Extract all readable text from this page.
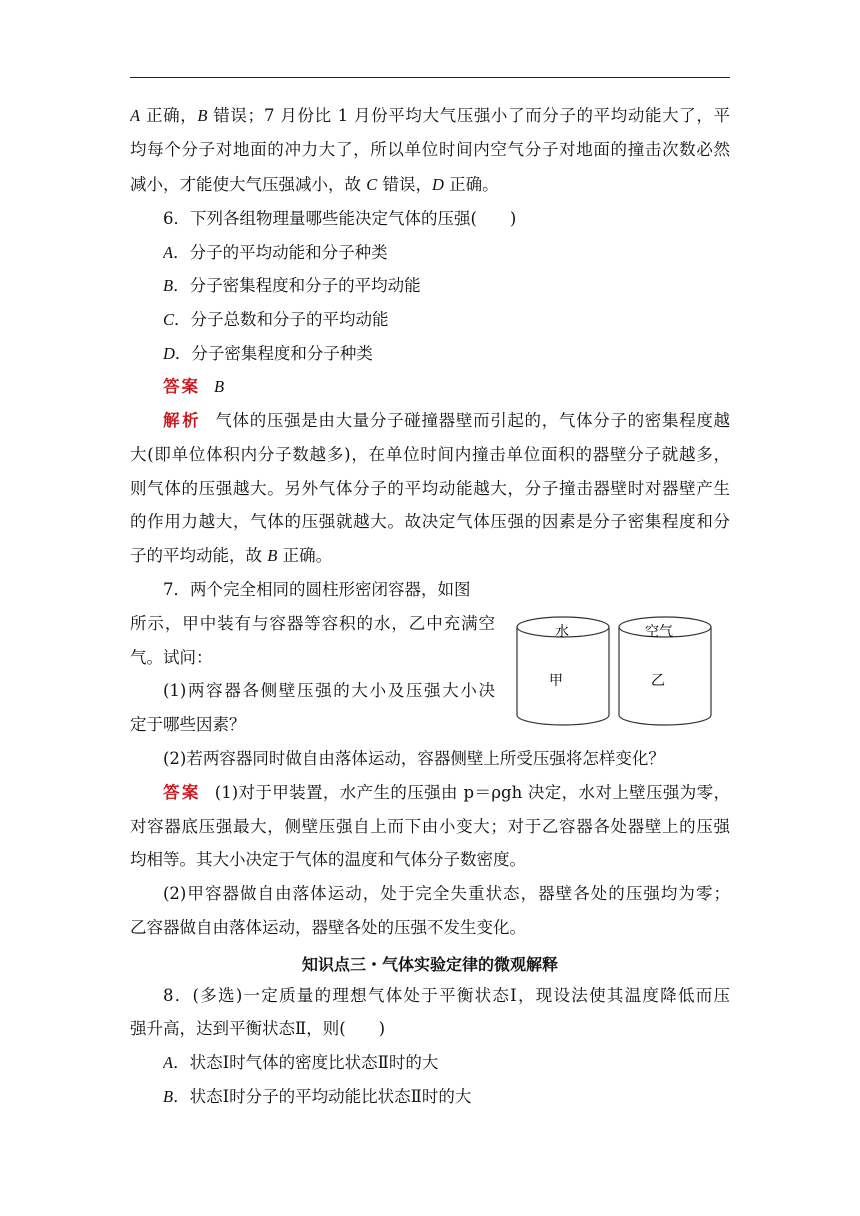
A 正确，B 错误；7 月份比 1 月份平均大气压强小了而分子的平均动能大了，平
均每个分子对地面的冲力大了，所以单位时间内空气分子对地面的撞击次数必然
减小，才能使大气压强减小，故 C 错误，D 正确。
6．下列各组物理量哪些能决定气体的压强(　　)
A．分子的平均动能和分子种类
B．分子密集程度和分子的平均动能
C．分子总数和分子的平均动能
D．分子密集程度和分子种类
答案 B
解析 气体的压强是由大量分子碰撞器壁而引起的，气体分子的密集程度越
大(即单位体积内分子数越多)，在单位时间内撞击单位面积的器壁分子就越多，
则气体的压强越大。另外气体分子的平均动能越大，分子撞击器壁时对器壁产生
的作用力越大，气体的压强就越大。故决定气体压强的因素是分子密集程度和分
子的平均动能，故 B 正确。
7．两个完全相同的圆柱形密闭容器，如图
所示，甲中装有与容器等容积的水，乙中充满空
气。试问：
(1)两容器各侧壁压强的大小及压强大小决
定于哪些因素？
水
甲
空气
乙
(2)若两容器同时做自由落体运动，容器侧壁上所受压强将怎样变化？
答案 (1)对于甲装置，水产生的压强由 p＝ρgh 决定，水对上壁压强为零，
对容器底压强最大，侧壁压强自上而下由小变大；对于乙容器各处器壁上的压强
均相等。其大小决定于气体的温度和气体分子数密度。
(2)甲容器做自由落体运动，处于完全失重状态，器壁各处的压强均为零；
乙容器做自由落体运动，器壁各处的压强不发生变化。
知识点三・气体实验定律的微观解释
8．(多选)一定质量的理想气体处于平衡状态Ⅰ，现设法使其温度降低而压
强升高，达到平衡状态Ⅱ，则(　　)
A．状态Ⅰ时气体的密度比状态Ⅱ时的大
B．状态Ⅰ时分子的平均动能比状态Ⅱ时的大
